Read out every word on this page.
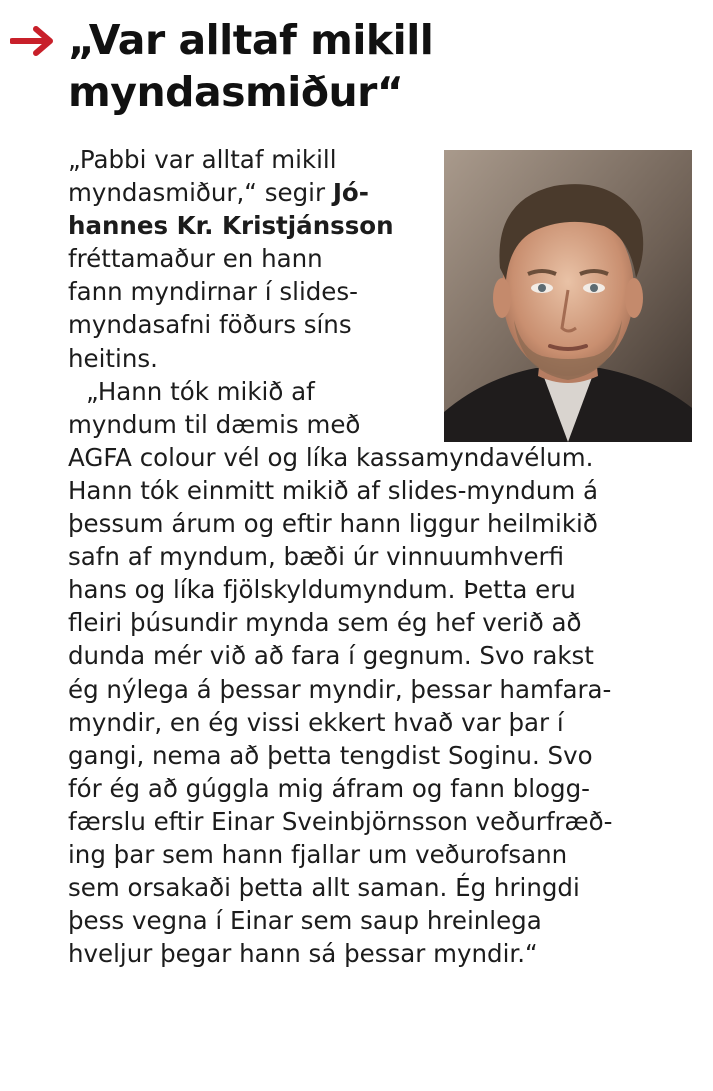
„Var alltaf mikill
myndasmiður“
„Pabbi var alltaf mikill
myndasmiður,“ segir Jó-
hannes Kr. Kristjánsson
fréttamaður en hann
fann myndirnar í slides-
myndasafni föðurs síns
heitins.
„Hann tók mikið af
myndum til dæmis með
AGFA colour vél og líka kassamyndavélum.
Hann tók einmitt mikið af slides-myndum á
þessum árum og eftir hann liggur heilmikið
safn af myndum, bæði úr vinnuumhverfi
hans og líka fjölskyldumyndum. Þetta eru
fleiri þúsundir mynda sem ég hef verið að
dunda mér við að fara í gegnum. Svo rakst
ég nýlega á þessar myndir, þessar hamfara-
myndir, en ég vissi ekkert hvað var þar í
gangi, nema að þetta tengdist Soginu. Svo
fór ég að gúggla mig áfram og fann blogg-
færslu eftir Einar Sveinbjörnsson veðurfræð-
ing þar sem hann fjallar um veðurofsann
sem orsakaði þetta allt saman. Ég hringdi
þess vegna í Einar sem saup hreinlega
hveljur þegar hann sá þessar myndir.“
